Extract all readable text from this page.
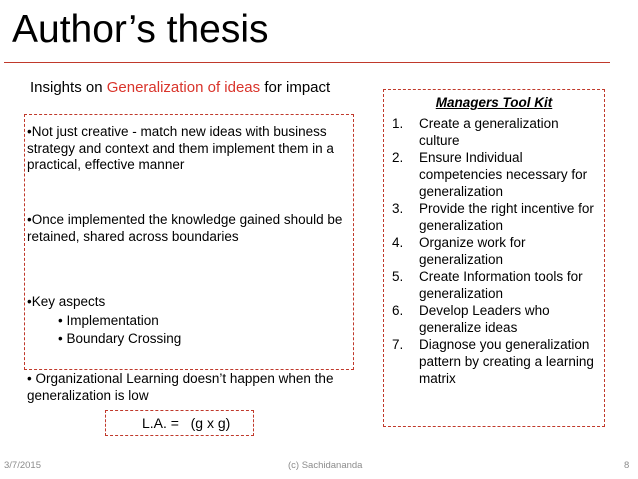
Author’s thesis
Insights on Generalization of ideas for impact
•Not just creative - match new ideas with business strategy and context and them implement them in a practical, effective manner
•Once implemented the knowledge gained should be retained, shared across boundaries
•Key aspects
• Implementation
• Boundary Crossing
• Organizational Learning doesn’t happen when the generalization is low
L.A. = (g x g)
Managers Tool Kit
1. Create a generalization culture
2. Ensure Individual competencies necessary for generalization
3. Provide the right incentive for generalization
4. Organize work for generalization
5. Create Information tools for generalization
6. Develop Leaders who generalize ideas
7. Diagnose you generalization pattern by creating a learning matrix
3/7/2015	(c) Sachidananda	8
